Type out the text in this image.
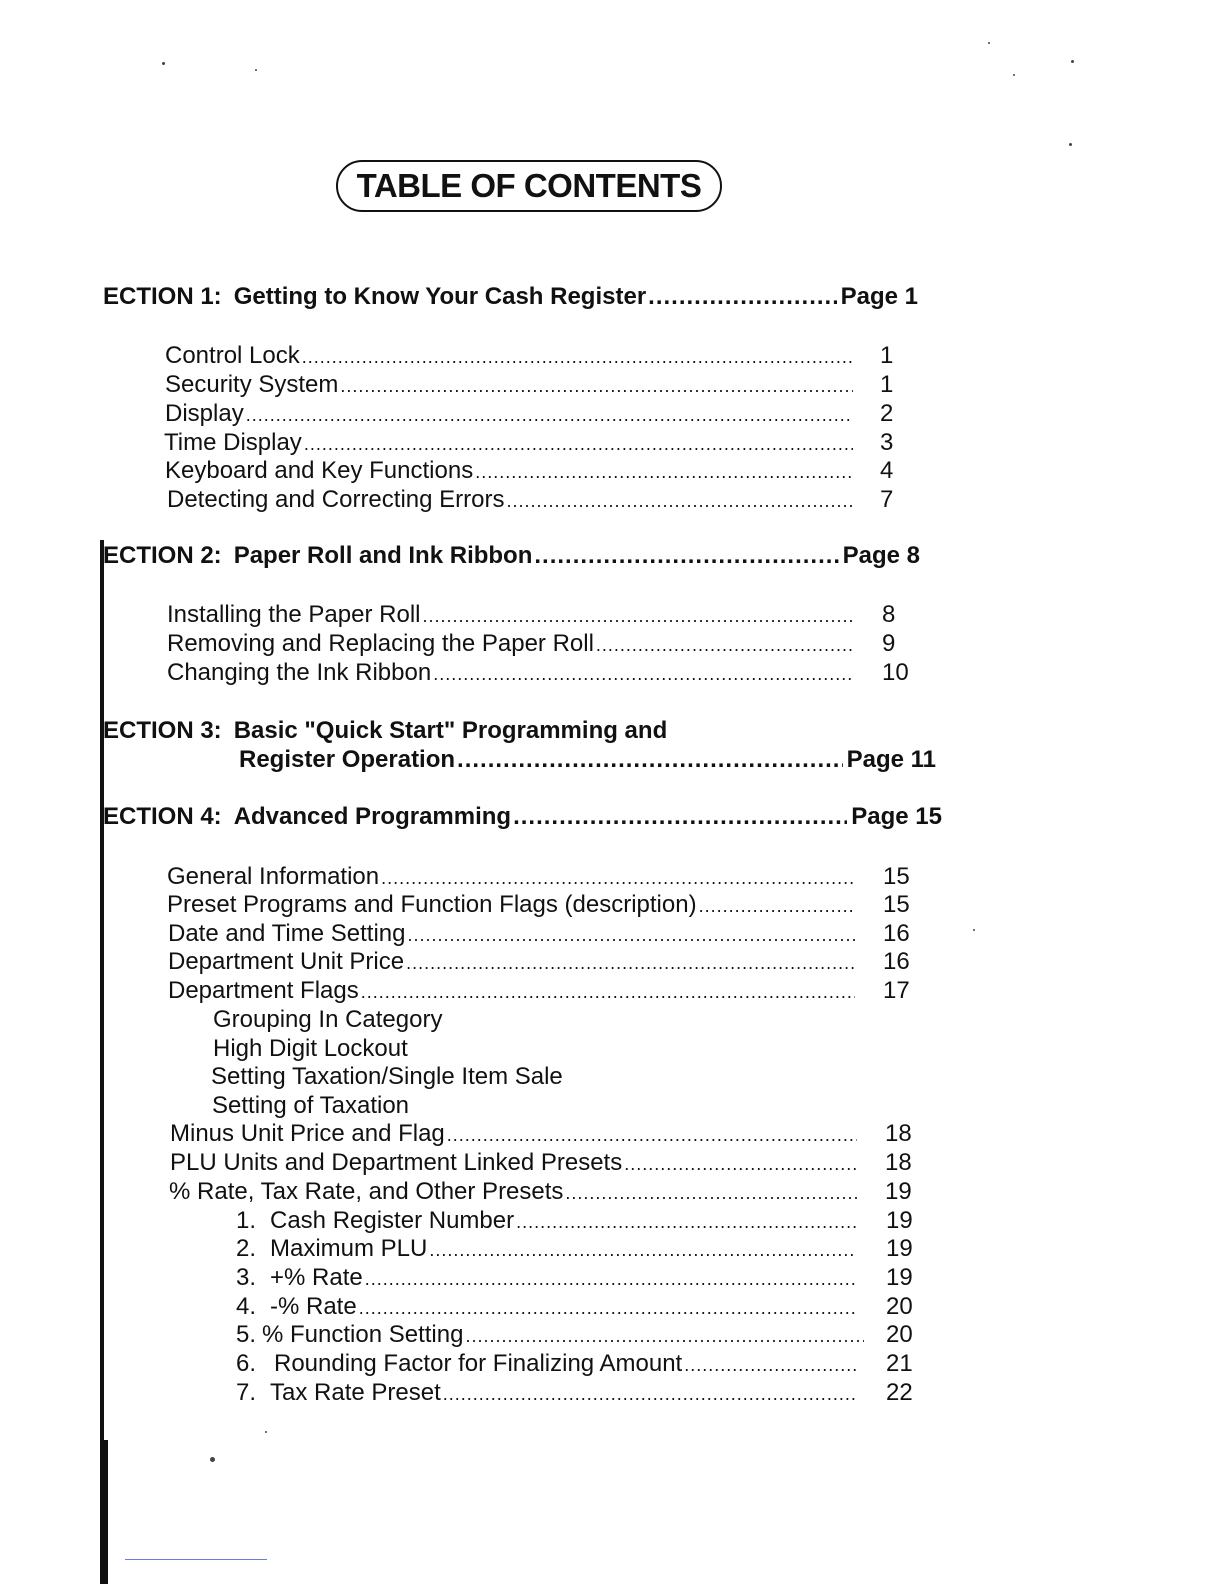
TABLE OF CONTENTS
ECTION 1: Getting to Know Your Cash Register .....	Page 1
Control Lock .....	1
Security System .....	1
Display .....	2
Time Display .....	3
Keyboard and Key Functions .....	4
Detecting and Correcting Errors .....	7
ECTION 2: Paper Roll and Ink Ribbon .....	Page 8
Installing the Paper Roll .....	8
Removing and Replacing the Paper Roll .....	9
Changing the Ink Ribbon .....	10
ECTION 3: Basic "Quick Start" Programming and
Register Operation .....	Page 11
ECTION 4: Advanced Programming .....	Page 15
General Information .....	15
Preset Programs and Function Flags (description) .....	15
Date and Time Setting .....	16
Department Unit Price .....	16
Department Flags .....	17
Grouping In Category
High Digit Lockout
Setting Taxation/Single Item Sale
Setting of Taxation
Minus Unit Price and Flag .....	18
PLU Units and Department Linked Presets .....	18
% Rate, Tax Rate, and Other Presets .....	19
1. Cash Register Number .....	19
2. Maximum PLU .....	19
3. +% Rate .....	19
4. -% Rate .....	20
5. % Function Setting .....	20
6. Rounding Factor for Finalizing Amount .....	21
7. Tax Rate Preset .....	22
